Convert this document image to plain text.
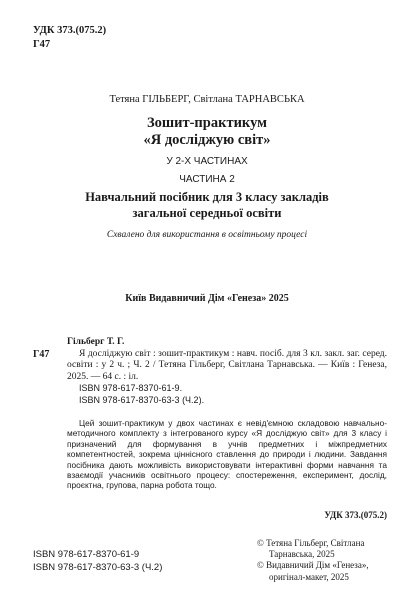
УДК 373.(075.2)
Г47
Тетяна ГІЛЬБЕРГ, Світлана ТАРНАВСЬКА
Зошит-практикум
«Я досліджую світ»
У 2-Х ЧАСТИНАХ
ЧАСТИНА 2
Навчальний посібник для 3 класу закладів
загальної середньої освіти
Схвалено для використання в освітньому процесі
Київ Видавничий Дім «Генеза» 2025
Г47
Гільберг Т. Г.
Я досліджую світ : зошит-практикум : навч. посіб. для 3 кл. закл. заг. серед. освіти : у 2 ч. ; Ч. 2 / Тетяна Гільберг, Світлана Тарнавська. — Київ : Генеза, 2025. — 64 с. : іл.
ISBN 978-617-8370-61-9.
ISBN 978-617-8370-63-3 (Ч.2).
Цей зошит-практикум у двох частинах є невід'ємною складовою навчально-методичного комплекту з інтегрованого курсу «Я досліджую світ» для 3 класу і призначений для формування в учнів предметних і міжпредметних компетентностей, зокрема ціннісного ставлення до природи і людини. Завдання посібника дають можливість використовувати інтерактивні форми навчання та взаємодії учасників освітнього процесу: спостереження, експеримент, дослід, проєктна, групова, парна робота тощо.
УДК 373.(075.2)
ISBN 978-617-8370-61-9
ISBN 978-617-8370-63-3 (Ч.2)
© Тетяна Гільберг, Світлана
Тарнавська, 2025
© Видавничий Дім «Генеза»,
оригінал-макет, 2025
